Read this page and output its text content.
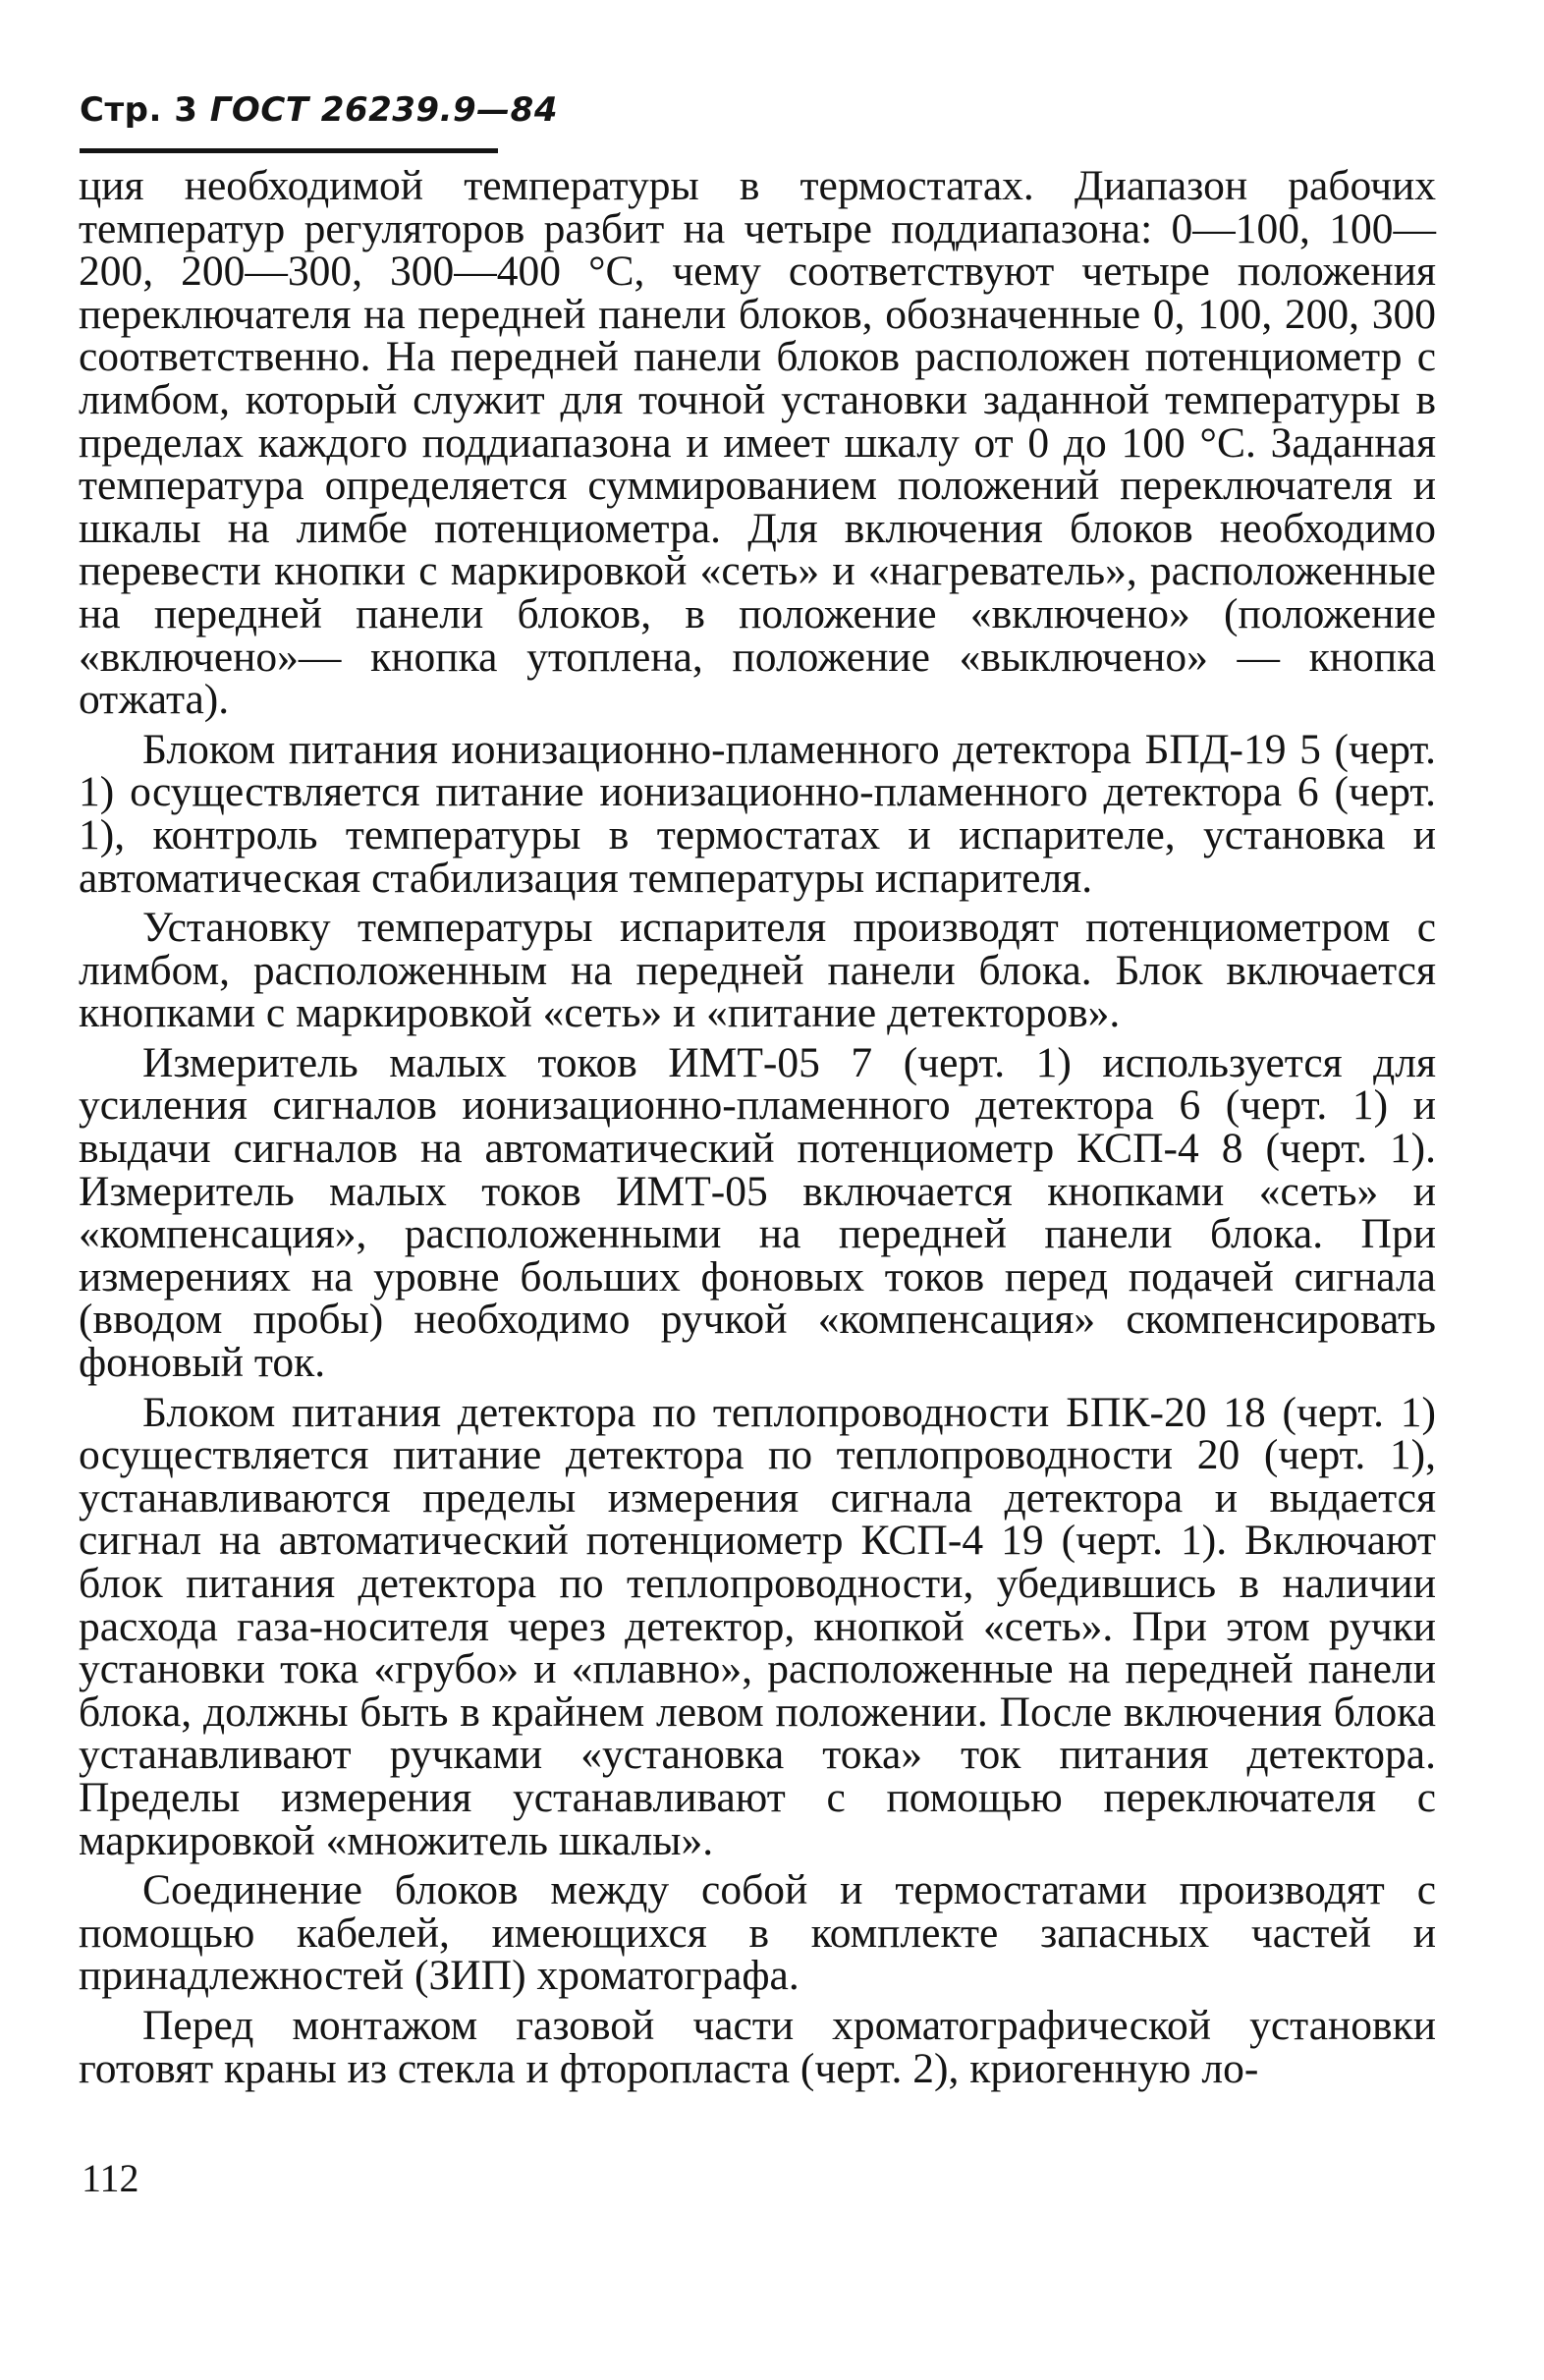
Стр. 3 ГОСТ 26239.9—84

ция необходимой температуры в термостатах. Диапазон рабочих температур регуляторов разбит на четыре поддиапазона: 0—100, 100—200, 200—300, 300—400 °С, чему соответствуют четыре положения переключателя на передней панели блоков, обозначенные 0, 100, 200, 300 соответственно. На передней панели блоков расположен потенциометр с лимбом, который служит для точной установки заданной температуры в пределах каждого поддиапазона и имеет шкалу от 0 до 100 °С. Заданная температура определяется суммированием положений переключателя и шкалы на лимбе потенциометра. Для включения блоков необходимо перевести кнопки с маркировкой «сеть» и «нагреватель», расположенные на передней панели блоков, в положение «включено» (положение «включено»— кнопка утоплена, положение «выключено» — кнопка отжата).

Блоком питания ионизационно-пламенного детектора БПД-19 5 (черт. 1) осуществляется питание ионизационно-пламенного детектора 6 (черт. 1), контроль температуры в термостатах и испарителе, установка и автоматическая стабилизация температуры испарителя.

Установку температуры испарителя производят потенциометром с лимбом, расположенным на передней панели блока. Блок включается кнопками с маркировкой «сеть» и «питание детекторов».

Измеритель малых токов ИМТ-05 7 (черт. 1) используется для усиления сигналов ионизационно-пламенного детектора 6 (черт. 1) и выдачи сигналов на автоматический потенциометр КСП-4 8 (черт. 1). Измеритель малых токов ИМТ-05 включается кнопками «сеть» и «компенсация», расположенными на передней панели блока. При измерениях на уровне больших фоновых токов перед подачей сигнала (вводом пробы) необходимо ручкой «компенсация» скомпенсировать фоновый ток.

Блоком питания детектора по теплопроводности БПК-20 18 (черт. 1) осуществляется питание детектора по теплопроводности 20 (черт. 1), устанавливаются пределы измерения сигнала детектора и выдается сигнал на автоматический потенциометр КСП-4 19 (черт. 1). Включают блок питания детектора по теплопроводности, убедившись в наличии расхода газа-носителя через детектор, кнопкой «сеть». При этом ручки установки тока «грубо» и «плавно», расположенные на передней панели блока, должны быть в крайнем левом положении. После включения блока устанавливают ручками «установка тока» ток питания детектора. Пределы измерения устанавливают с помощью переключателя с маркировкой «множитель шкалы».

Соединение блоков между собой и термостатами производят с помощью кабелей, имеющихся в комплекте запасных частей и принадлежностей (ЗИП) хроматографа.

Перед монтажом газовой части хроматографической установки готовят краны из стекла и фторопласта (черт. 2), криогенную ло-

112
